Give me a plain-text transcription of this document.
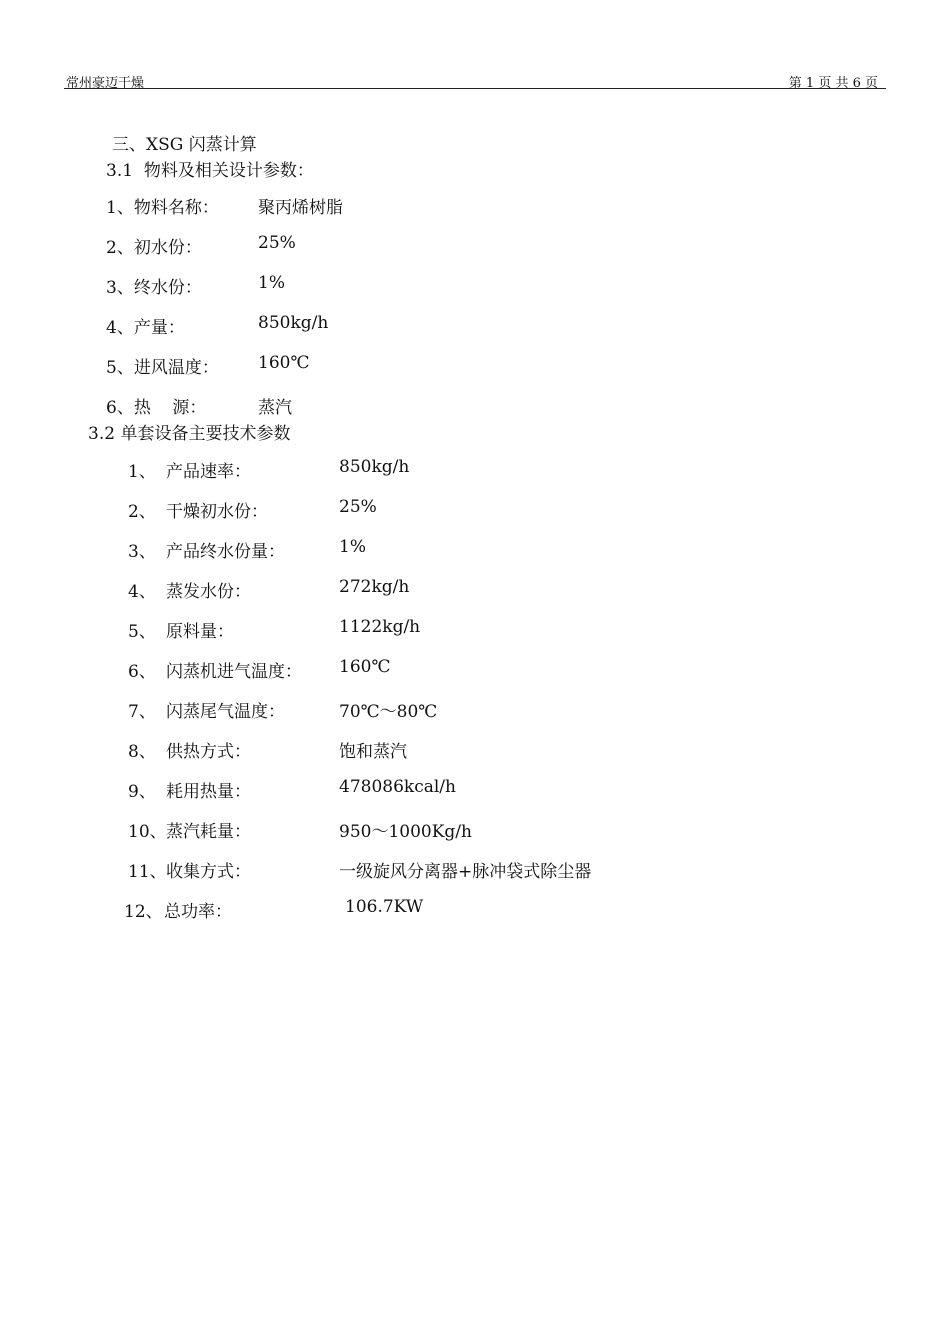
常州豪迈干燥	第 1 页 共 6 页
三、XSG 闪蒸计算
3.1  物料及相关设计参数：
1、物料名称： 聚丙烯树脂
2、初水份：	25%
3、终水份：	1%
4、产量：	850kg/h
5、进风温度： 160℃
6、热    源：	蒸汽
3.2 单套设备主要技术参数
1、 产品速率：	850kg/h
2、 干燥初水份：	25%
3、 产品终水份量：	1%
4、 蒸发水份：	272kg/h
5、 原料量：	1122kg/h
6、 闪蒸机进气温度： 160℃
7、 闪蒸尾气温度：	70℃～80℃
8、 供热方式：	饱和蒸汽
9、 耗用热量：	478086kcal/h
10、 蒸汽耗量：	950～1000Kg/h
11、 收集方式：	一级旋风分离器+脉冲袋式除尘器
12、 总功率：	106.7KW
